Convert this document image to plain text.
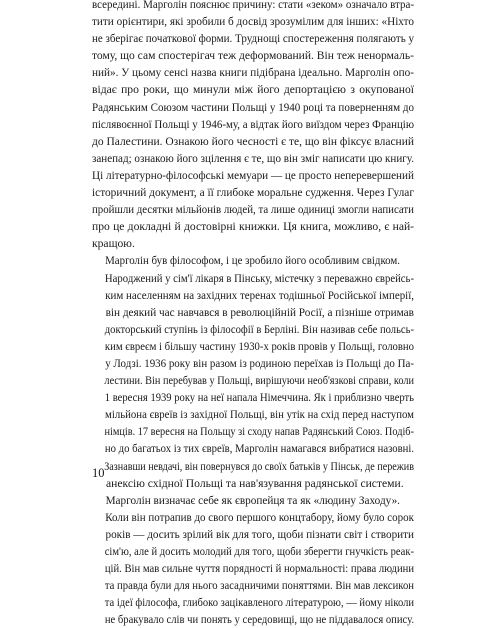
всередині. Марголін пояснює причину: стати «зеком» означало втра-
тити орієнтири, які зробили б досвід зрозумілим для інших: «Ніхто
не зберігає початкової форми. Труднощі спостереження полягають у
тому, що сам спостерігач теж деформований. Він теж ненормаль-
ний». У цьому сенсі назва книги підібрана ідеально. Марголін опо-
відає про роки, що минули між його депортацією з окупованої
Радянським Союзом частини Польщі у 1940 році та поверненням до
післявоєнної Польщі у 1946-му, а відтак його виїздом через Францію
до Палестини. Ознакою його чесності є те, що він фіксує власний
занепад; ознакою його зцілення є те, що він зміг написати цю книгу.
Ці літературно-філософські мемуари — це просто неперевершений
історичний документ, а її глибоке моральне судження. Через Гулаг
пройшли десятки мільйонів людей, та лише одиниці змогли написати
про це докладні й достовірні книжки. Ця книга, можливо, є най-
кращою.

Марголін був філософом, і це зробило його особливим свідком.
Народжений у сім'ї лікаря в Пінську, містечку з переважно єврейсь-
ким населенням на західних теренах тодішньої Російської імперії,
він деякий час навчався в революційній Росії, а пізніше отримав
докторський ступінь із філософії в Берліні. Він називав себе польсь-
ким євреєм і більшу частину 1930-х років провів у Польщі, головно
у Лодзі. 1936 року він разом із родиною переїхав із Польщі до Па-
лестини. Він перебував у Польщі, вирішуючи необ'язкові справи, коли
1 вересня 1939 року на неї напала Німеччина. Як і приблизно чверть
мільйона євреїв із західної Польщі, він утік на схід перед наступом
німців. 17 вересня на Польщу зі сходу напав Радянський Союз. Подіб-
но до багатьох із тих євреїв, Марголін намагався вибратися назовні.
Зазнавши невдачі, він повернувся до своїх батьків у Пінськ, де пережив
анексію східної Польщі та нав'язування радянської системи.

Марголін визначає себе як європейця та як «людину Заходу».
Коли він потрапив до свого першого концтабору, йому було сорок
років — досить зрілий вік для того, щоби пізнати світ і створити
сім'ю, але й досить молодий для того, щоби зберегти гнучкість реак-
цій. Він мав сильне чуття порядності й нормальності: права людини
та правда були для нього засадничими поняттями. Він мав лексикон
та ідеї філософа, глибоко зацікавленого літературою, — йому ніколи
не бракувало слів чи понять у середовищі, що не піддавалося опису.

10
